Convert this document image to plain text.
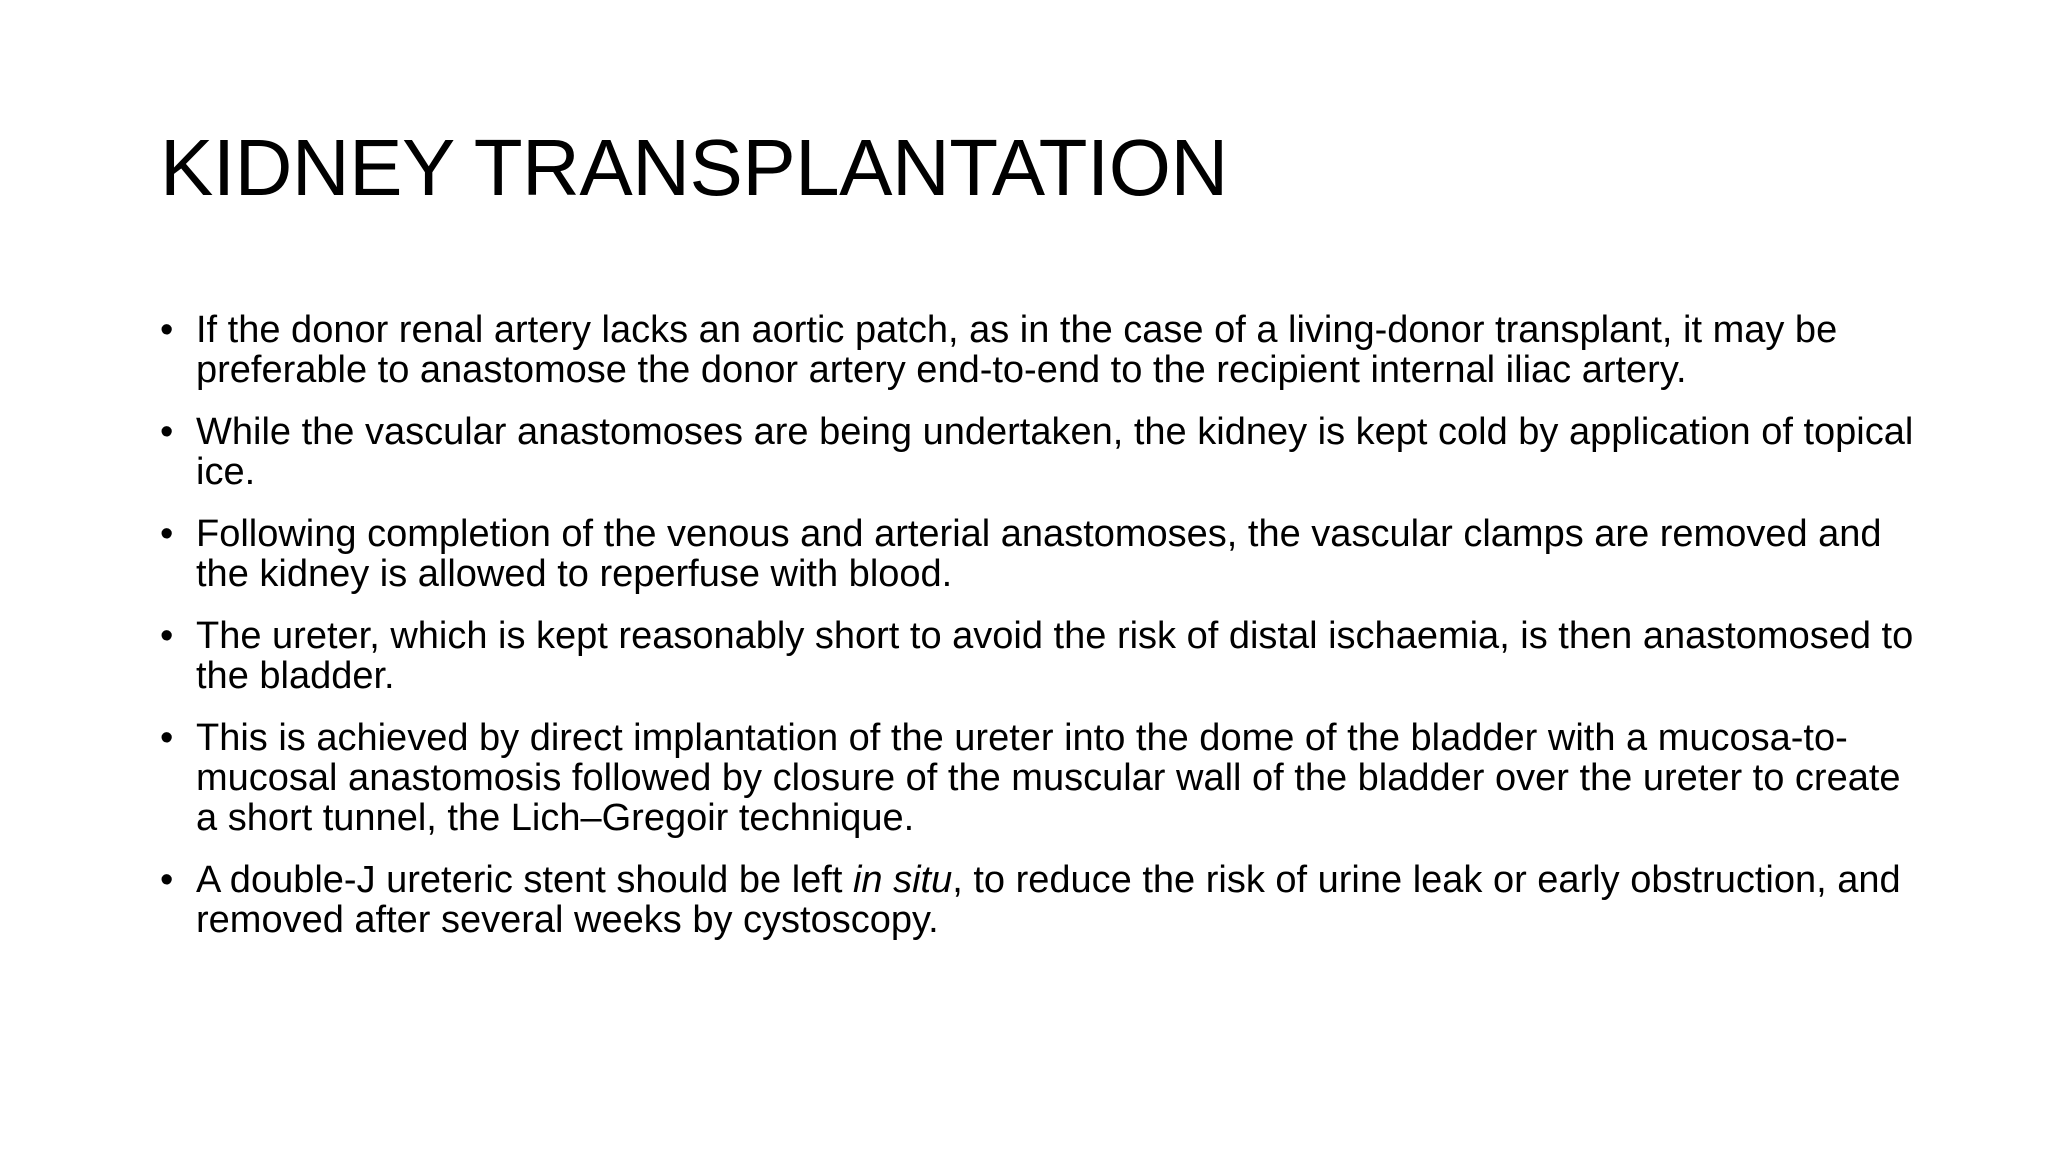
KIDNEY TRANSPLANTATION
• If the donor renal artery lacks an aortic patch, as in the case of a living-donor transplant, it may be preferable to anastomose the donor artery end-to-end to the recipient internal iliac artery.
• While the vascular anastomoses are being undertaken, the kidney is kept cold by application of topical ice.
• Following completion of the venous and arterial anastomoses, the vascular clamps are removed and the kidney is allowed to reperfuse with blood.
• The ureter, which is kept reasonably short to avoid the risk of distal ischaemia, is then anastomosed to the bladder.
• This is achieved by direct implantation of the ureter into the dome of the bladder with a mucosa-to-mucosal anastomosis followed by closure of the muscular wall of the bladder over the ureter to create a short tunnel, the Lich–Gregoir technique.
• A double-J ureteric stent should be left in situ, to reduce the risk of urine leak or early obstruction, and removed after several weeks by cystoscopy.
